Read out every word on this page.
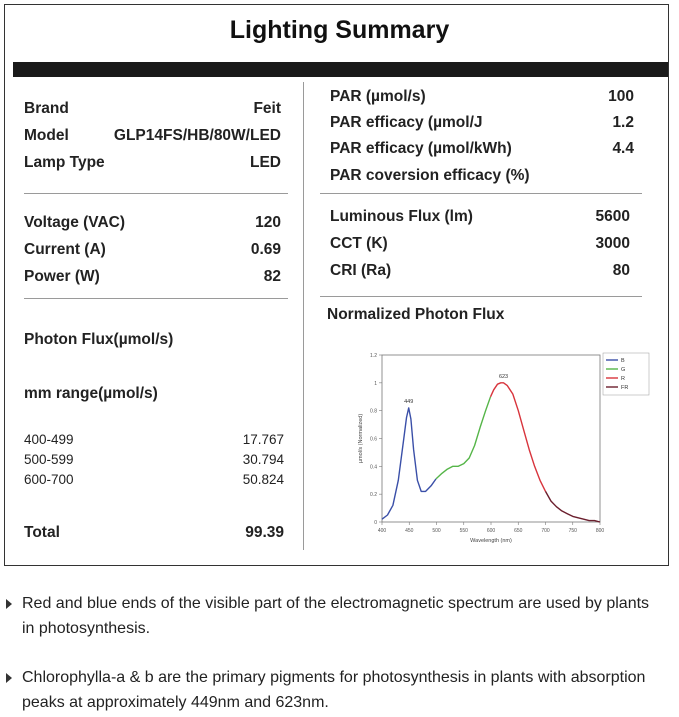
Lighting Summary
Brand	Feit
Model	GLP14FS/HB/80W/LED
Lamp Type	LED
Voltage (VAC)	120
Current (A)	0.69
Power (W)	82
Photon Flux(µmol/s)
mm range(µmol/s)
400-499	17.767
500-599	30.794
600-700	50.824
Total	99.39
PAR (µmol/s)	100
PAR efficacy (µmol/J	1.2
PAR efficacy (µmol/kWh)	4.4
PAR coversion efficacy (%)
Luminous Flux (lm)	5600
CCT (K)	3000
CRI (Ra)	80
Normalized Photon Flux
0
0.2
0.4
0.6
0.8
1
1.2
400	450	500	550	600	650	700	750	800
Wavelength (nm)
µmol/s (Normalized)
449
623
B
G
R
FR
Red and blue ends of the visible part of the electromagnetic spectrum are used by plants in photosynthesis.
Chlorophylla-a & b are the primary pigments for photosynthesis in plants with absorption peaks at approximately 449nm and 623nm.
